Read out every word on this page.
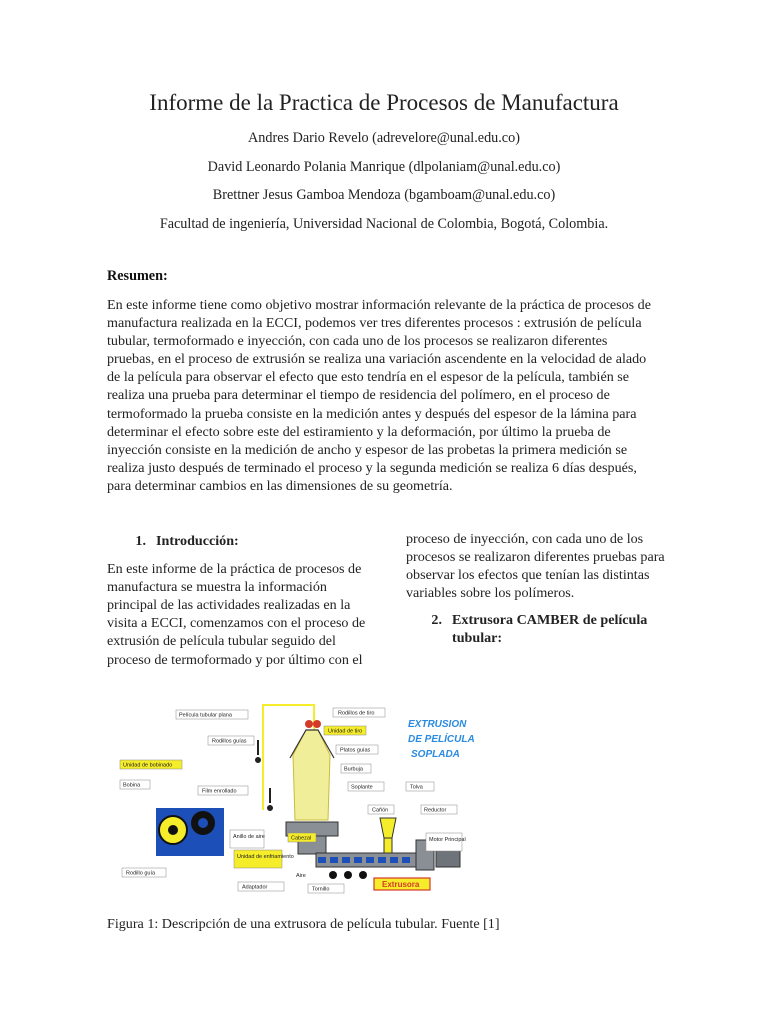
Informe de la Practica de Procesos de Manufactura
Andres Dario Revelo (adrevelore@unal.edu.co)
David Leonardo Polania Manrique (dlpolaniam@unal.edu.co)
Brettner Jesus Gamboa Mendoza (bgamboam@unal.edu.co)
Facultad de ingeniería, Universidad Nacional de Colombia, Bogotá, Colombia.
Resumen:
En este informe tiene como objetivo mostrar información relevante de la práctica de procesos de manufactura realizada en la ECCI, podemos ver tres diferentes procesos : extrusión de película tubular, termoformado e inyección, con cada uno de los procesos se realizaron diferentes pruebas, en el proceso de extrusión se realiza una variación ascendente en la velocidad de alado de la película para observar el efecto que esto tendría en el espesor de la película, también se realiza una prueba para determinar el tiempo de residencia del polímero, en el proceso de termoformado la prueba consiste en la medición antes y después del espesor de la lámina para determinar el efecto sobre este del estiramiento y la deformación, por último la prueba de inyección consiste en la medición de ancho y espesor de las probetas la primera medición se realiza justo después de terminado el proceso y la segunda medición se realiza 6 días después, para determinar cambios en las dimensiones de su geometría.
1. Introducción:
En este informe de la práctica de procesos de manufactura se muestra la información principal de las actividades realizadas en la visita a ECCI, comenzamos con el proceso de extrusión de película tubular seguido del proceso de termoformado y por último con el
proceso de inyección, con cada uno de los procesos se realizaron diferentes pruebas para observar los efectos que tenían las distintas variables sobre los polímeros.
2. Extrusora CAMBER de película tubular:
EXTRUSION
DE PELÍCULA
SOPLADA
Película tubular plana	Rodillos de tiro
Unidad de tiro
Rodillos guías
Platos guías
Burbuja
Unidad de bobinado
Bobina
Film enrollado
Soplante	Tolva
Cañón	Reductor
Anillo de aire	Cabezal	Motor Principal
Unidad de enfriamiento
Rodillo guía	Aire
Adaptador	Tornillo
Extrusora
Figura 1: Descripción de una extrusora de película tubular. Fuente [1]
